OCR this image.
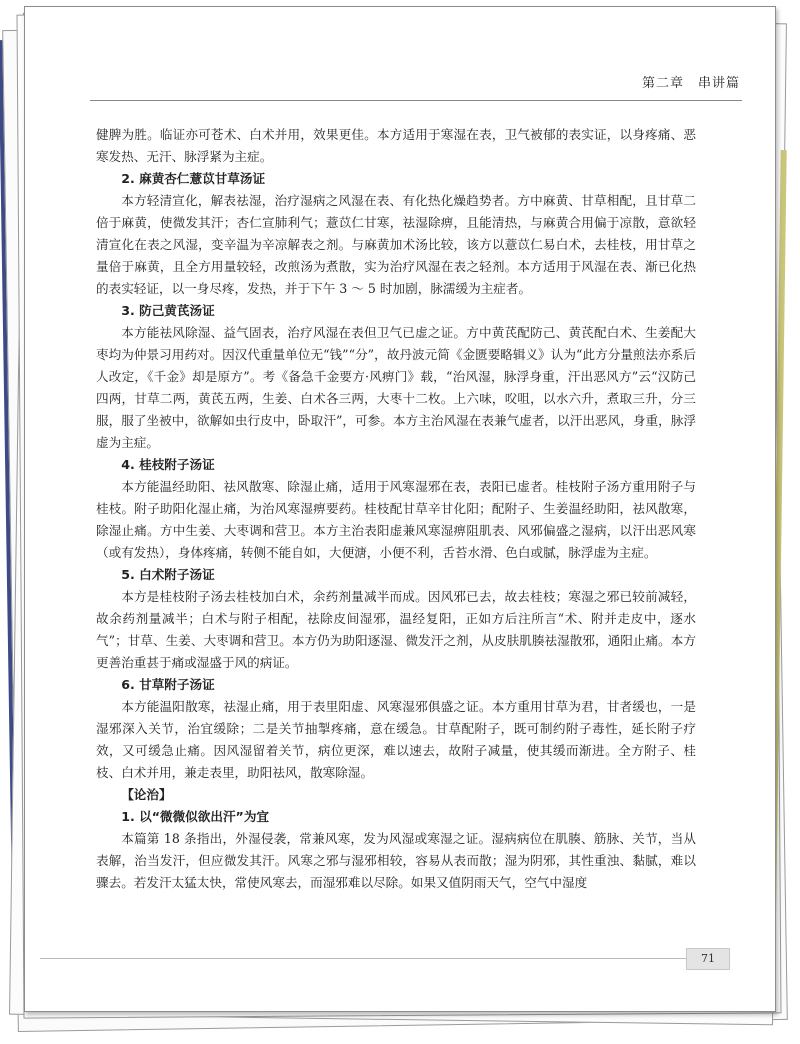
第二章　串讲篇

健脾为胜。临证亦可苍术、白术并用，效果更佳。本方适用于寒湿在表，卫气被郁的表实证，以身疼痛、恶寒发热、无汗、脉浮紧为主症。

2. 麻黄杏仁薏苡甘草汤证

本方轻清宣化，解表祛湿，治疗湿病之风湿在表、有化热化燥趋势者。方中麻黄、甘草相配，且甘草二倍于麻黄，使微发其汗；杏仁宣肺利气；薏苡仁甘寒，祛湿除痹，且能清热，与麻黄合用偏于凉散，意欲轻清宣化在表之风湿，变辛温为辛凉解表之剂。与麻黄加术汤比较，该方以薏苡仁易白术，去桂枝，用甘草之量倍于麻黄，且全方用量较轻，改煎汤为煮散，实为治疗风湿在表之轻剂。本方适用于风湿在表、渐已化热的表实轻证，以一身尽疼，发热，并于下午 3 ～ 5 时加剧，脉濡缓为主症者。

3. 防己黄芪汤证

本方能祛风除湿、益气固表，治疗风湿在表但卫气已虚之证。方中黄芪配防己、黄芪配白术、生姜配大枣均为仲景习用药对。因汉代重量单位无“钱”“分”，故丹波元简《金匮要略辑义》认为“此方分量煎法亦系后人改定，《千金》却是原方”。考《备急千金要方·风痹门》载，“治风湿，脉浮身重，汗出恶风方”云“汉防己四两，甘草二两，黄芪五两，生姜、白术各三两，大枣十二枚。上六味，㕮咀，以水六升，煮取三升，分三服，服了坐被中，欲解如虫行皮中，卧取汗”，可参。本方主治风湿在表兼气虚者，以汗出恶风，身重，脉浮虚为主症。

4. 桂枝附子汤证

本方能温经助阳、祛风散寒、除湿止痛，适用于风寒湿邪在表，表阳已虚者。桂枝附子汤方重用附子与桂枝。附子助阳化湿止痛，为治风寒湿痹要药。桂枝配甘草辛甘化阳；配附子、生姜温经助阳，祛风散寒，除湿止痛。方中生姜、大枣调和营卫。本方主治表阳虚兼风寒湿痹阻肌表、风邪偏盛之湿病，以汗出恶风寒（或有发热），身体疼痛，转侧不能自如，大便溏，小便不利，舌苔水滑、色白或腻，脉浮虚为主症。

5. 白术附子汤证

本方是桂枝附子汤去桂枝加白术，余药剂量减半而成。因风邪已去，故去桂枝；寒湿之邪已较前减轻，故余药剂量减半；白术与附子相配，祛除皮间湿邪，温经复阳，正如方后注所言“术、附并走皮中，逐水气”；甘草、生姜、大枣调和营卫。本方仍为助阳逐湿、微发汗之剂，从皮肤肌腠祛湿散邪，通阳止痛。本方更善治重甚于痛或湿盛于风的病证。

6. 甘草附子汤证

本方能温阳散寒，祛湿止痛，用于表里阳虚、风寒湿邪俱盛之证。本方重用甘草为君，甘者缓也，一是湿邪深入关节，治宜缓除；二是关节抽掣疼痛，意在缓急。甘草配附子，既可制约附子毒性，延长附子疗效，又可缓急止痛。因风湿留着关节，病位更深，难以速去，故附子减量，使其缓而渐进。全方附子、桂枝、白术并用，兼走表里，助阳祛风，散寒除湿。

【论治】
1. 以“微微似欲出汗”为宜

本篇第 18 条指出，外湿侵袭，常兼风寒，发为风湿或寒湿之证。湿病病位在肌腠、筋脉、关节，当从表解，治当发汗，但应微发其汗。风寒之邪与湿邪相较，容易从表而散；湿为阴邪，其性重浊、黏腻，难以骤去。若发汗太猛太快，常使风寒去，而湿邪难以尽除。如果又值阴雨天气，空气中湿度

71
